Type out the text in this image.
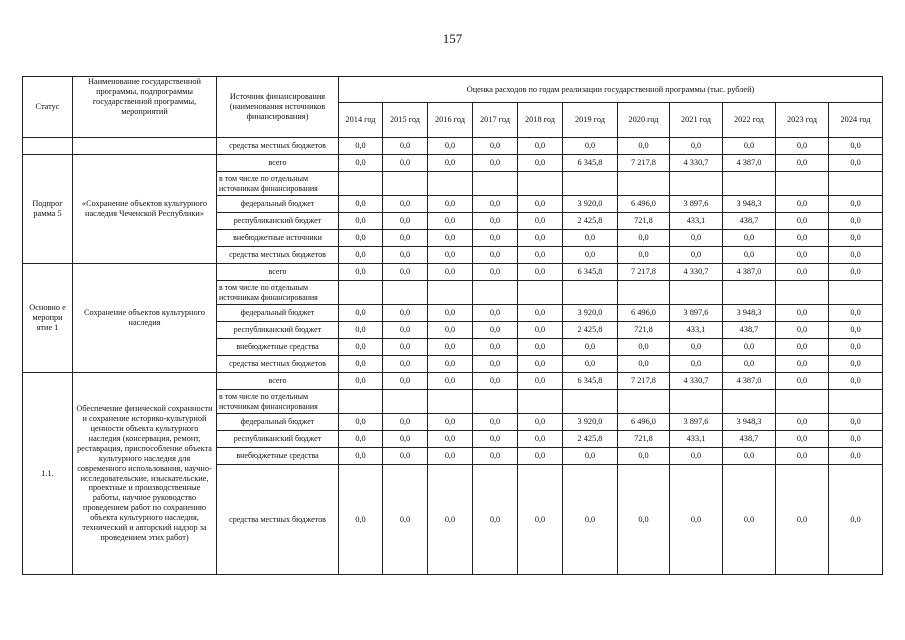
157
Статус	Наименование государственной программы, подпрограммы государственной программы, мероприятий	Источник финансирования (наименования источников финансирования)	Оценка расходов по годам реализации государственной программы (тыс. рублей)										
			2014 год	2015 год	2016 год	2017 год	2018 год	2019 год	2020 год	2021 год	2022 год	2023 год	2024 год
		средства местных бюджетов	0,0	0,0	0,0	0,0	0,0	0,0	0,0	0,0	0,0	0,0	0,0
Подпрог рамма 5	«Сохранение объектов культурного наследия Чеченской Республики»	всего	0,0	0,0	0,0	0,0	0,0	6 345,8	7 217,8	4 330,7	4 387,0	0,0	0,0
		в том числе по отдельным источникам финансирования											
		федеральный бюджет	0,0	0,0	0,0	0,0	0,0	3 920,0	6 496,0	3 897,6	3 948,3	0,0	0,0
		республиканский бюджет	0,0	0,0	0,0	0,0	0,0	2 425,8	721,8	433,1	438,7	0,0	0,0
		внебюджетные источники	0,0	0,0	0,0	0,0	0,0	0,0	0,0	0,0	0,0	0,0	0,0
		средства местных бюджетов	0,0	0,0	0,0	0,0	0,0	0,0	0,0	0,0	0,0	0,0	0,0
Основно е меропри ятие 1	Сохранение объектов культурного наследия	всего	0,0	0,0	0,0	0,0	0,0	6 345,8	7 217,8	4 330,7	4 387,0	0,0	0,0
		в том числе по отдельным источникам финансирования											
		федеральный бюджет	0,0	0,0	0,0	0,0	0,0	3 920,0	6 496,0	3 897,6	3 948,3	0,0	0,0
		республиканский бюджет	0,0	0,0	0,0	0,0	0,0	2 425,8	721,8	433,1	438,7	0,0	0,0
		внебюджетные средства	0,0	0,0	0,0	0,0	0,0	0,0	0,0	0,0	0,0	0,0	0,0
		средства местных бюджетов	0,0	0,0	0,0	0,0	0,0	0,0	0,0	0,0	0,0	0,0	0,0
1.1.	Обеспечение физической сохранности и сохранение историко-культурной ценности объекта культурного наследия (консервация, ремонт, реставрация, приспособление объекта культурного наследия для современного использования, научно-исследовательские, изыскательские, проектные и производственные работы, научное руководство проведением работ по сохранению объекта культурного наследия, технический и авторский надзор за проведением этих работ)	всего	0,0	0,0	0,0	0,0	0,0	6 345,8	7 217,8	4 330,7	4 387,0	0,0	0,0
		в том числе по отдельным источникам финансирования											
		федеральный бюджет	0,0	0,0	0,0	0,0	0,0	3 920,0	6 496,0	3 897,6	3 948,3	0,0	0,0
		республиканский бюджет	0,0	0,0	0,0	0,0	0,0	2 425,8	721,8	433,1	438,7	0,0	0,0
		внебюджетные средства	0,0	0,0	0,0	0,0	0,0	0,0	0,0	0,0	0,0	0,0	0,0
		средства местных бюджетов	0,0	0,0	0,0	0,0	0,0	0,0	0,0	0,0	0,0	0,0	0,0
